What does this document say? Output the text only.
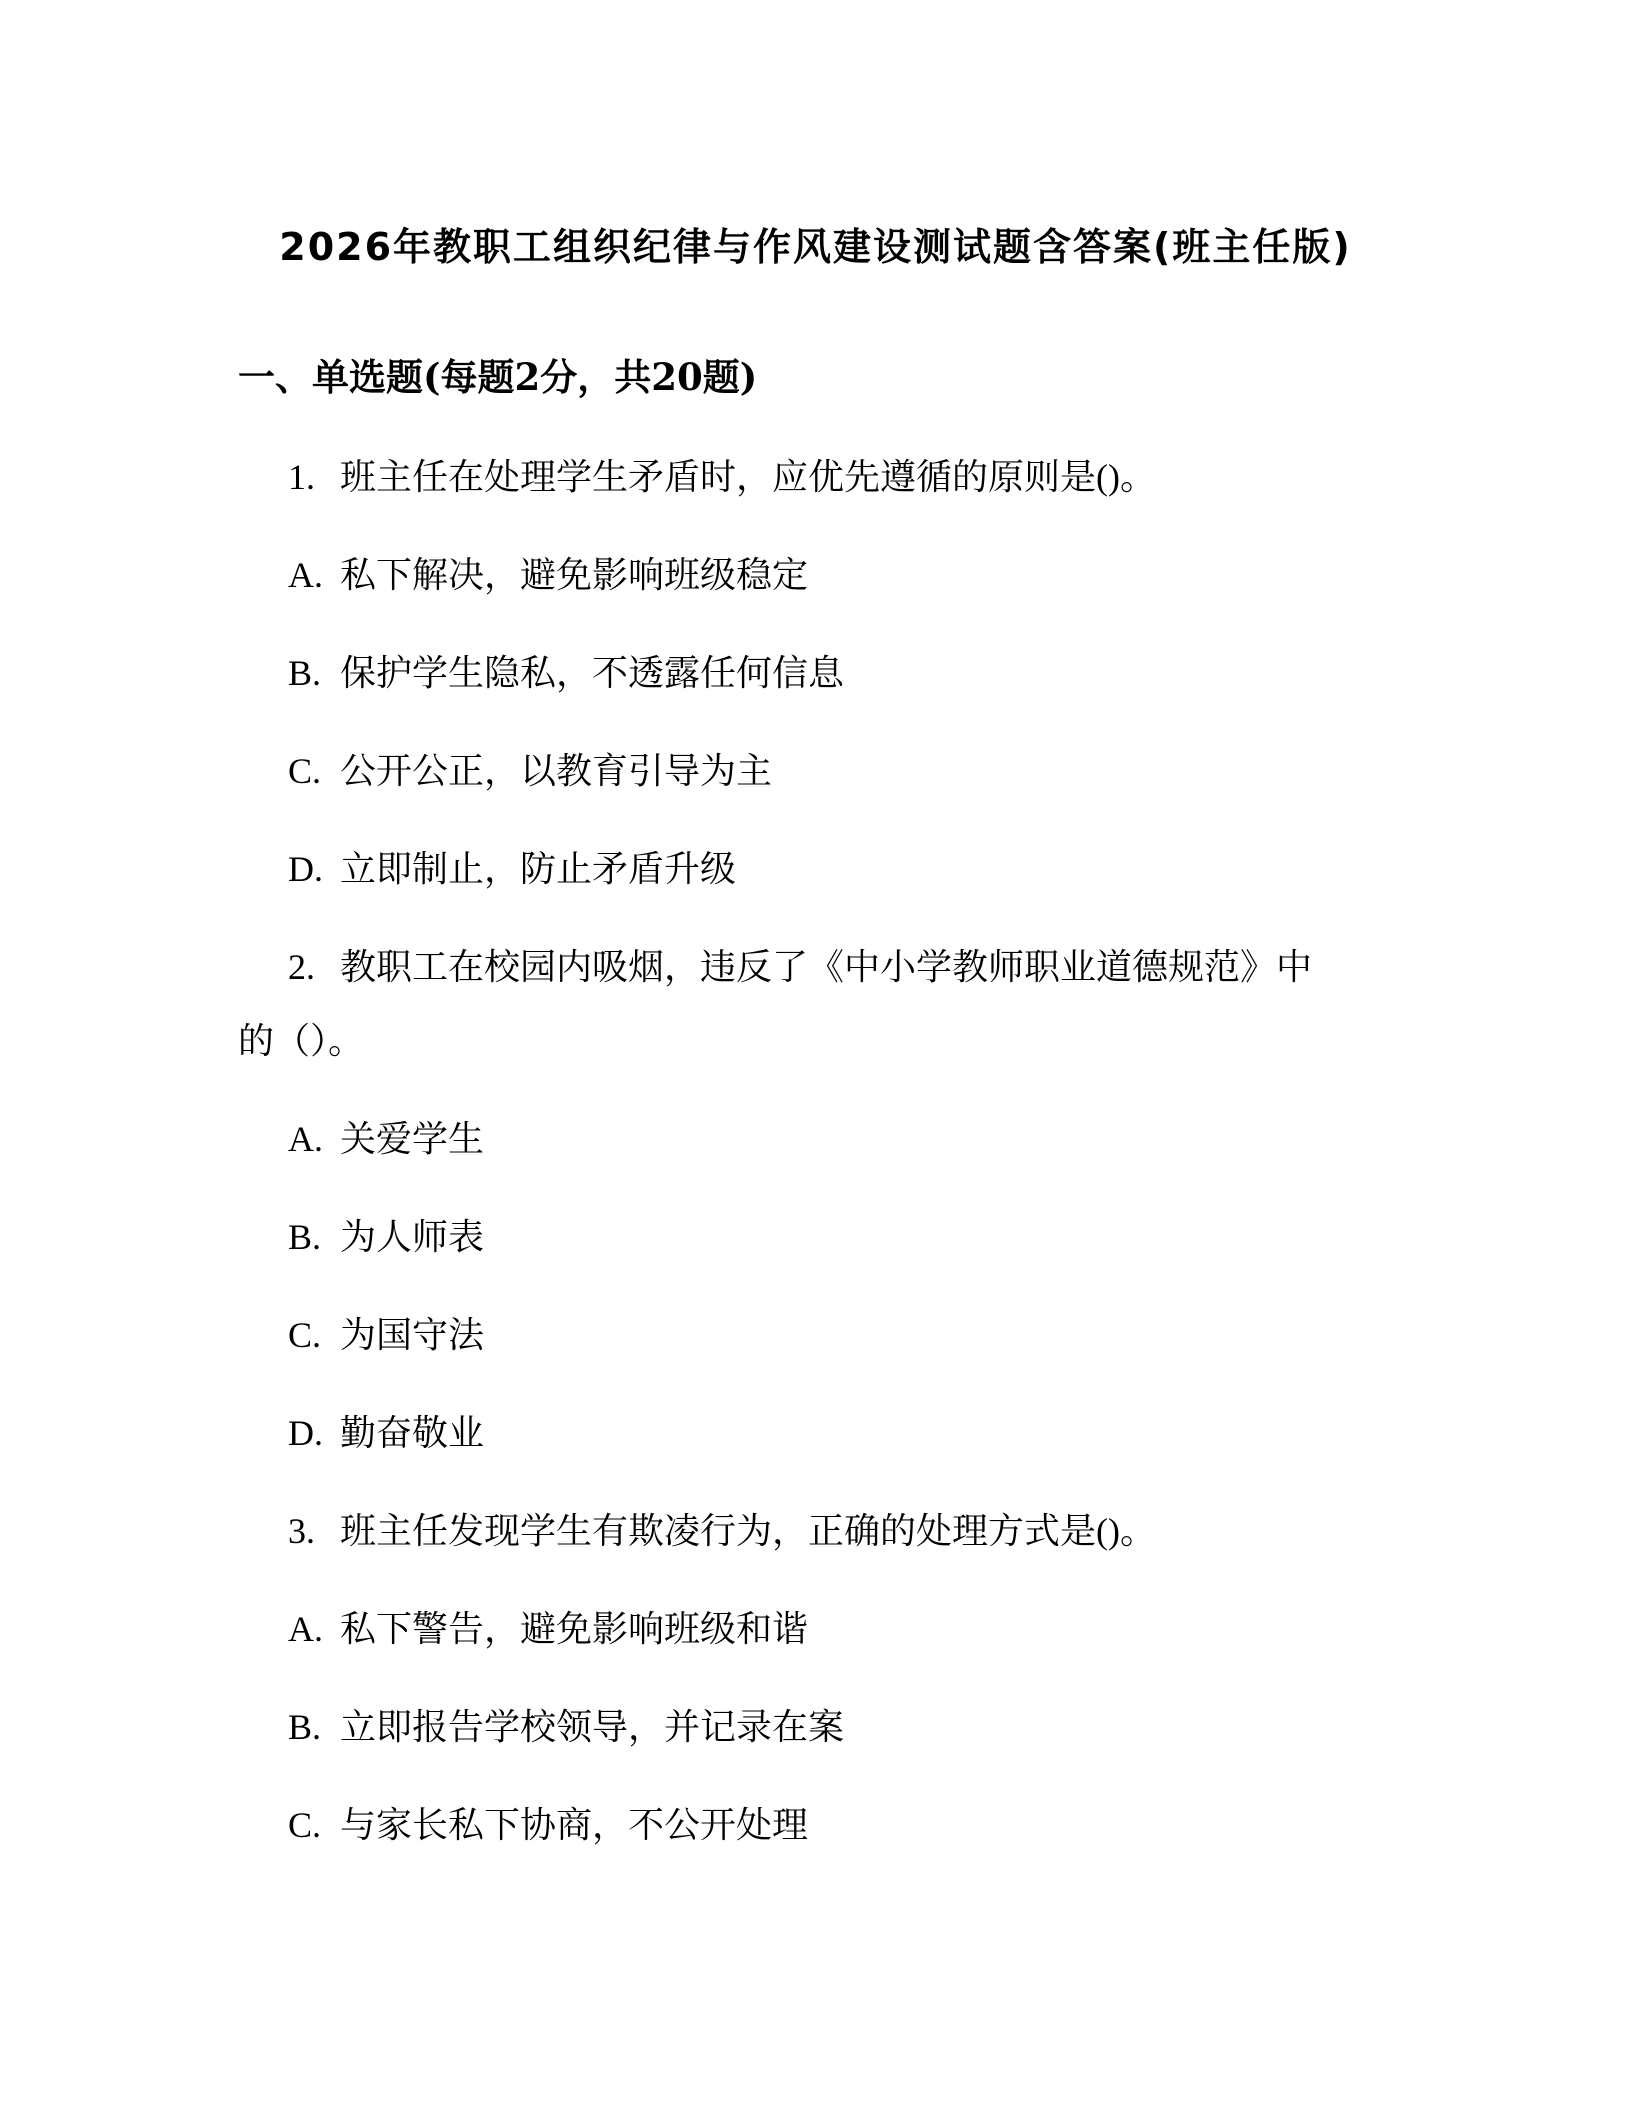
2026年教职工组织纪律与作风建设测试题含答案(班主任版)
一、单选题(每题2分，共20题)
1. 班主任在处理学生矛盾时，应优先遵循的原则是()。
A. 私下解决，避免影响班级稳定
B. 保护学生隐私，不透露任何信息
C. 公开公正，以教育引导为主
D. 立即制止，防止矛盾升级
2. 教职工在校园内吸烟，违反了《中小学教师职业道德规范》中
的（）。
A. 关爱学生
B. 为人师表
C. 为国守法
D. 勤奋敬业
3. 班主任发现学生有欺凌行为，正确的处理方式是()。
A. 私下警告，避免影响班级和谐
B. 立即报告学校领导，并记录在案
C. 与家长私下协商，不公开处理
